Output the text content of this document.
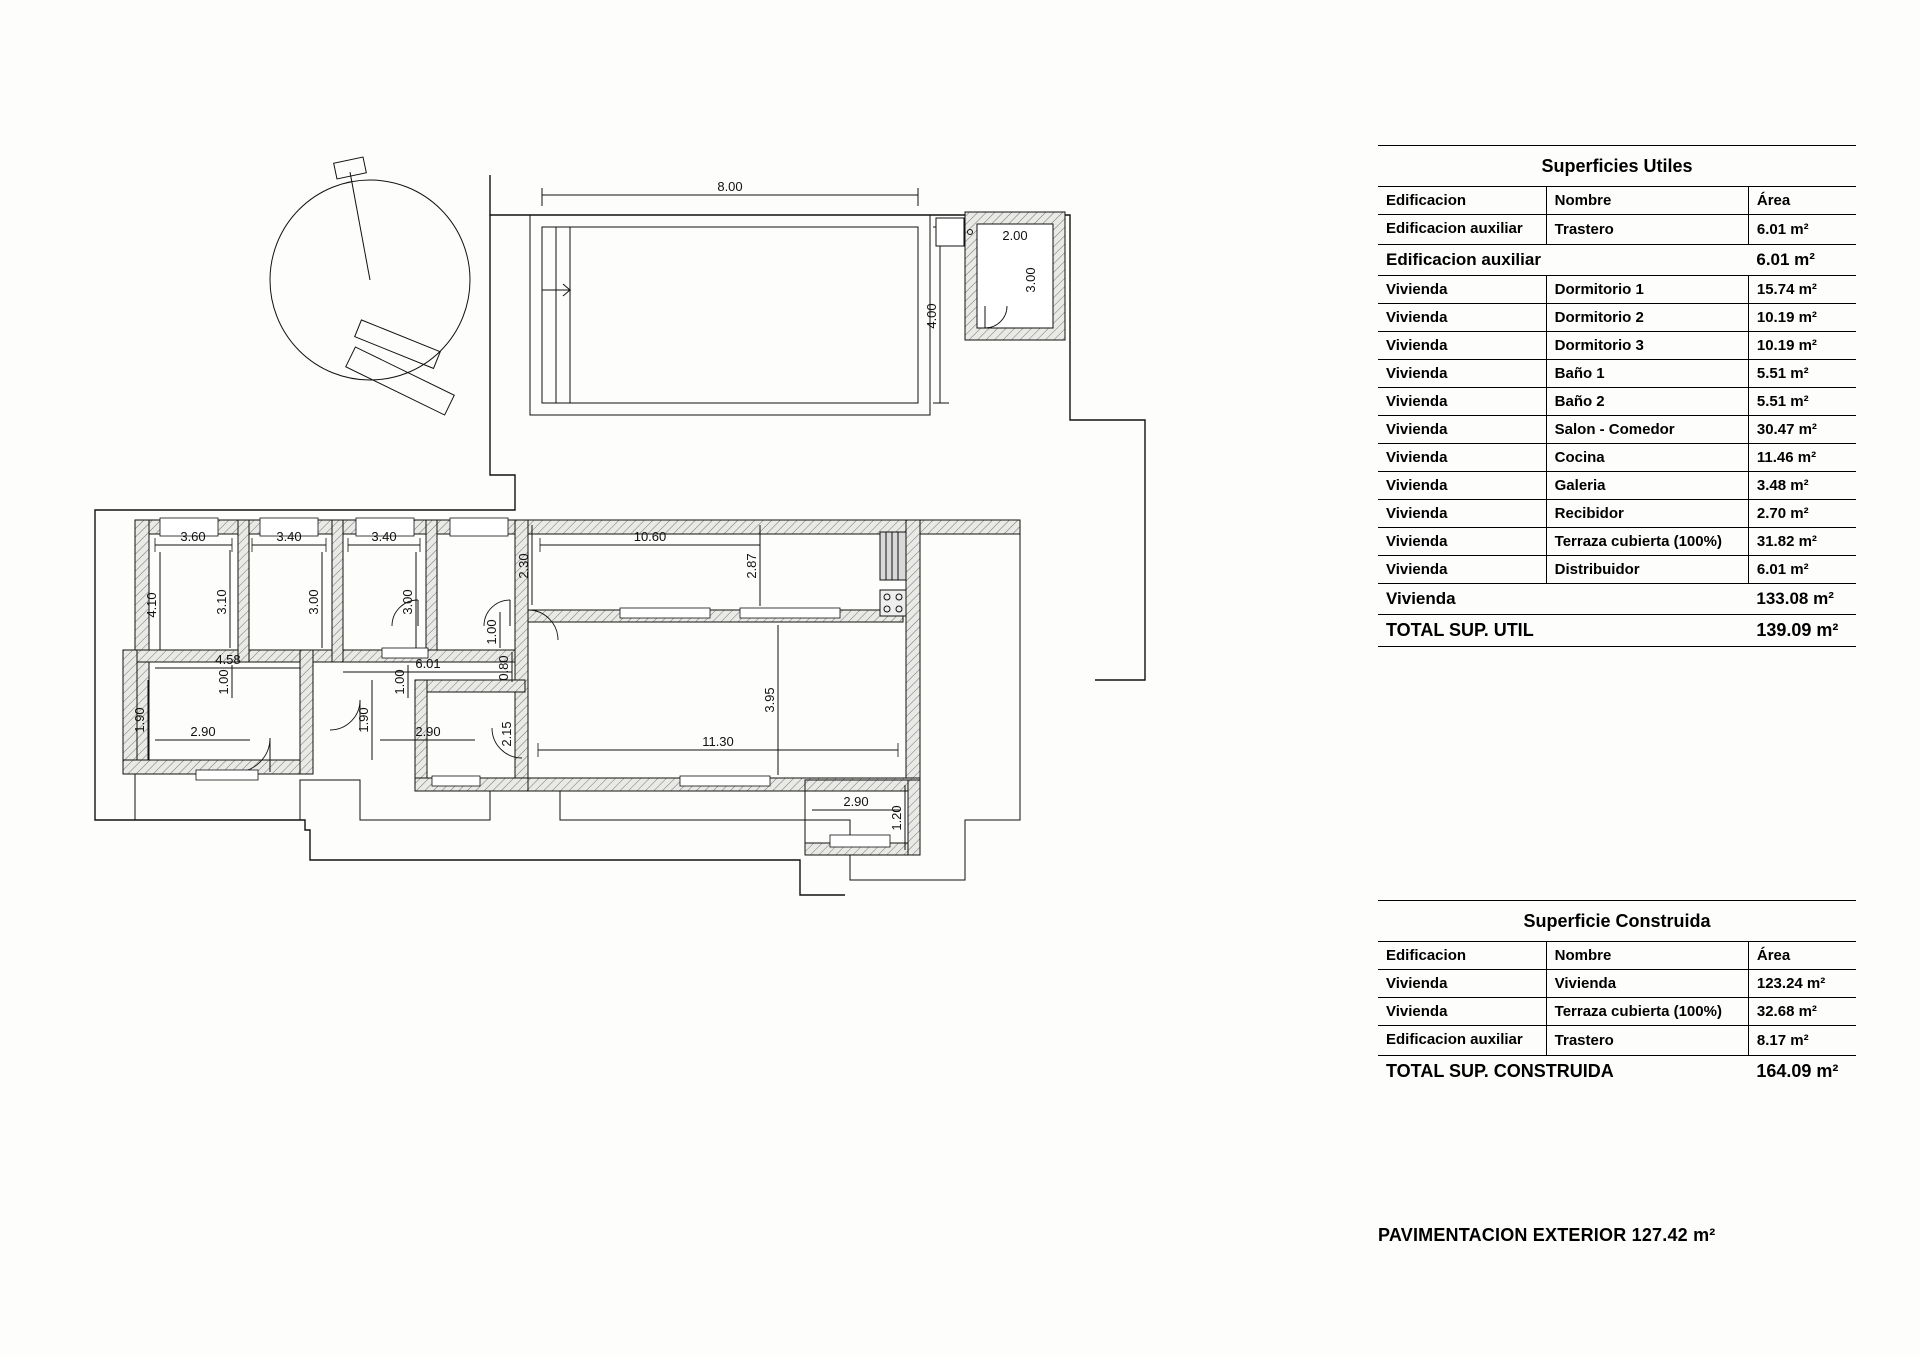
8.00
4.00
2.00
3.00
3.60
4.10	3.10
3.40
3.00
3.40
3.00
4.58	6.01
2.90
1.90
1.00
2.90
1.90
1.00
2.30
1.00
0.80
2.15
10.60
2.87
3.95
11.30
2.90
1.20
Superficies Utiles		
Edificacion	Nombre	Área
Edificacion auxiliar	Trastero	6.01 m²
Edificacion auxiliar		6.01 m²
Vivienda	Dormitorio 1	15.74 m²
Vivienda	Dormitorio 2	10.19 m²
Vivienda	Dormitorio 3	10.19 m²
Vivienda	Baño 1	5.51 m²
Vivienda	Baño 2	5.51 m²
Vivienda	Salon - Comedor	30.47 m²
Vivienda	Cocina	11.46 m²
Vivienda	Galeria	3.48 m²
Vivienda	Recibidor	2.70 m²
Vivienda	Terraza cubierta (100%)	31.82 m²
Vivienda	Distribuidor	6.01 m²
Vivienda		133.08 m²
TOTAL SUP. UTIL		139.09 m²
Superficie Construida		
Edificacion	Nombre	Área
Vivienda	Vivienda	123.24 m²
Vivienda	Terraza cubierta (100%)	32.68 m²
Edificacion auxiliar	Trastero	8.17 m²
TOTAL SUP. CONSTRUIDA		164.09 m²
PAVIMENTACION EXTERIOR 127.42 m²
